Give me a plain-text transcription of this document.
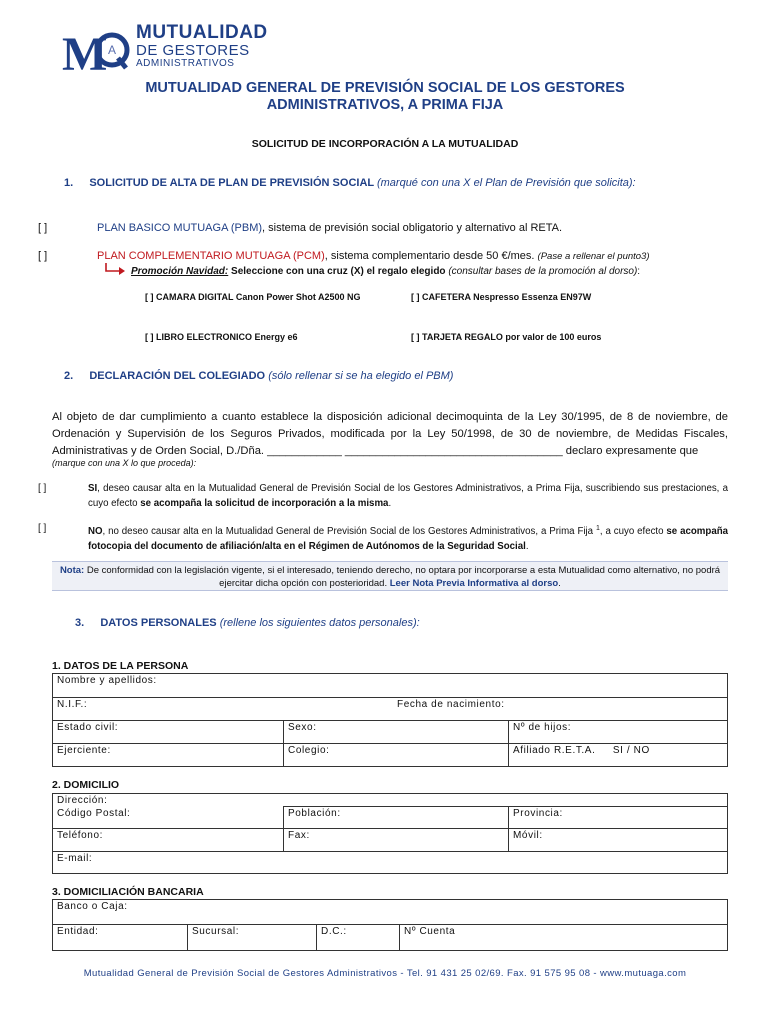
M A
MUTUALIDAD
DE GESTORES
ADMINISTRATIVOS
MUTUALIDAD GENERAL DE PREVISIÓN SOCIAL DE LOS GESTORES
ADMINISTRATIVOS, A PRIMA FIJA
SOLICITUD DE INCORPORACIÓN A LA MUTUALIDAD
1. SOLICITUD DE ALTA DE PLAN DE PREVISIÓN SOCIAL (marqué con una X el Plan de Previsión que solicita):
[ ]	PLAN BASICO MUTUAGA (PBM), sistema de previsión social obligatorio y alternativo al RETA.
[ ]	PLAN COMPLEMENTARIO MUTUAGA (PCM), sistema complementario desde 50 €/mes. (Pase a rellenar el punto3)
Promoción Navidad: Seleccione con una cruz (X) el regalo elegido (consultar bases de la promoción al dorso):
[ ] CAMARA DIGITAL Canon Power Shot A2500 NG	[ ] CAFETERA Nespresso Essenza EN97W
[ ] LIBRO ELECTRONICO Energy e6	[ ] TARJETA REGALO por valor de 100 euros
2. DECLARACIÓN DEL COLEGIADO (sólo rellenar si se ha elegido el PBM)
Al objeto de dar cumplimiento a cuanto establece la disposición adicional decimoquinta de la Ley 30/1995, de 8 de noviembre, de Ordenación y Supervisión de los Seguros Privados, modificada por la Ley 50/1998, de 30 de noviembre, de Medidas Fiscales, Administrativas y de Orden Social, D./Dña. ____________ ___________________________________ declaro expresamente que
(marque con una X lo que proceda):
[ ]	SI, deseo causar alta en la Mutualidad General de Previsión Social de los Gestores Administrativos, a Prima Fija, suscribiendo sus prestaciones, a cuyo efecto se acompaña la solicitud de incorporación a la misma.
[ ]	NO, no deseo causar alta en la Mutualidad General de Previsión Social de los Gestores Administrativos, a Prima Fija $^1$, a cuyo efecto se acompaña fotocopia del documento de afiliación/alta en el Régimen de Autónomos de la Seguridad Social.
Nota: De conformidad con la legislación vigente, si el interesado, teniendo derecho, no optara por incorporarse a esta Mutualidad como alternativo, no podrá ejercitar dicha opción con posterioridad. Leer Nota Previa Informativa al dorso.
3. DATOS PERSONALES (rellene los siguientes datos personales):
1. DATOS DE LA PERSONA
Nombre y apellidos:		
N.I.F.: Fecha de nacimiento:		

Estado civil:	Sexo:	Nº de hijos:
Ejerciente:	Colegio:	Afiliado R.E.T.A. SI / NO
2. DOMICILIO
Dirección:		
Código Postal:	Población:	Provincia:
Teléfono:	Fax:	Móvil:
E-mail:		
3. DOMICILIACIÓN BANCARIA
Banco o Caja:
Entidad:	Sucursal:	D.C.:	Nº Cuenta
Mutualidad General de Previsión Social de Gestores Administrativos - Tel. 91 431 25 02/69. Fax. 91 575 95 08 - www.mutuaga.com
